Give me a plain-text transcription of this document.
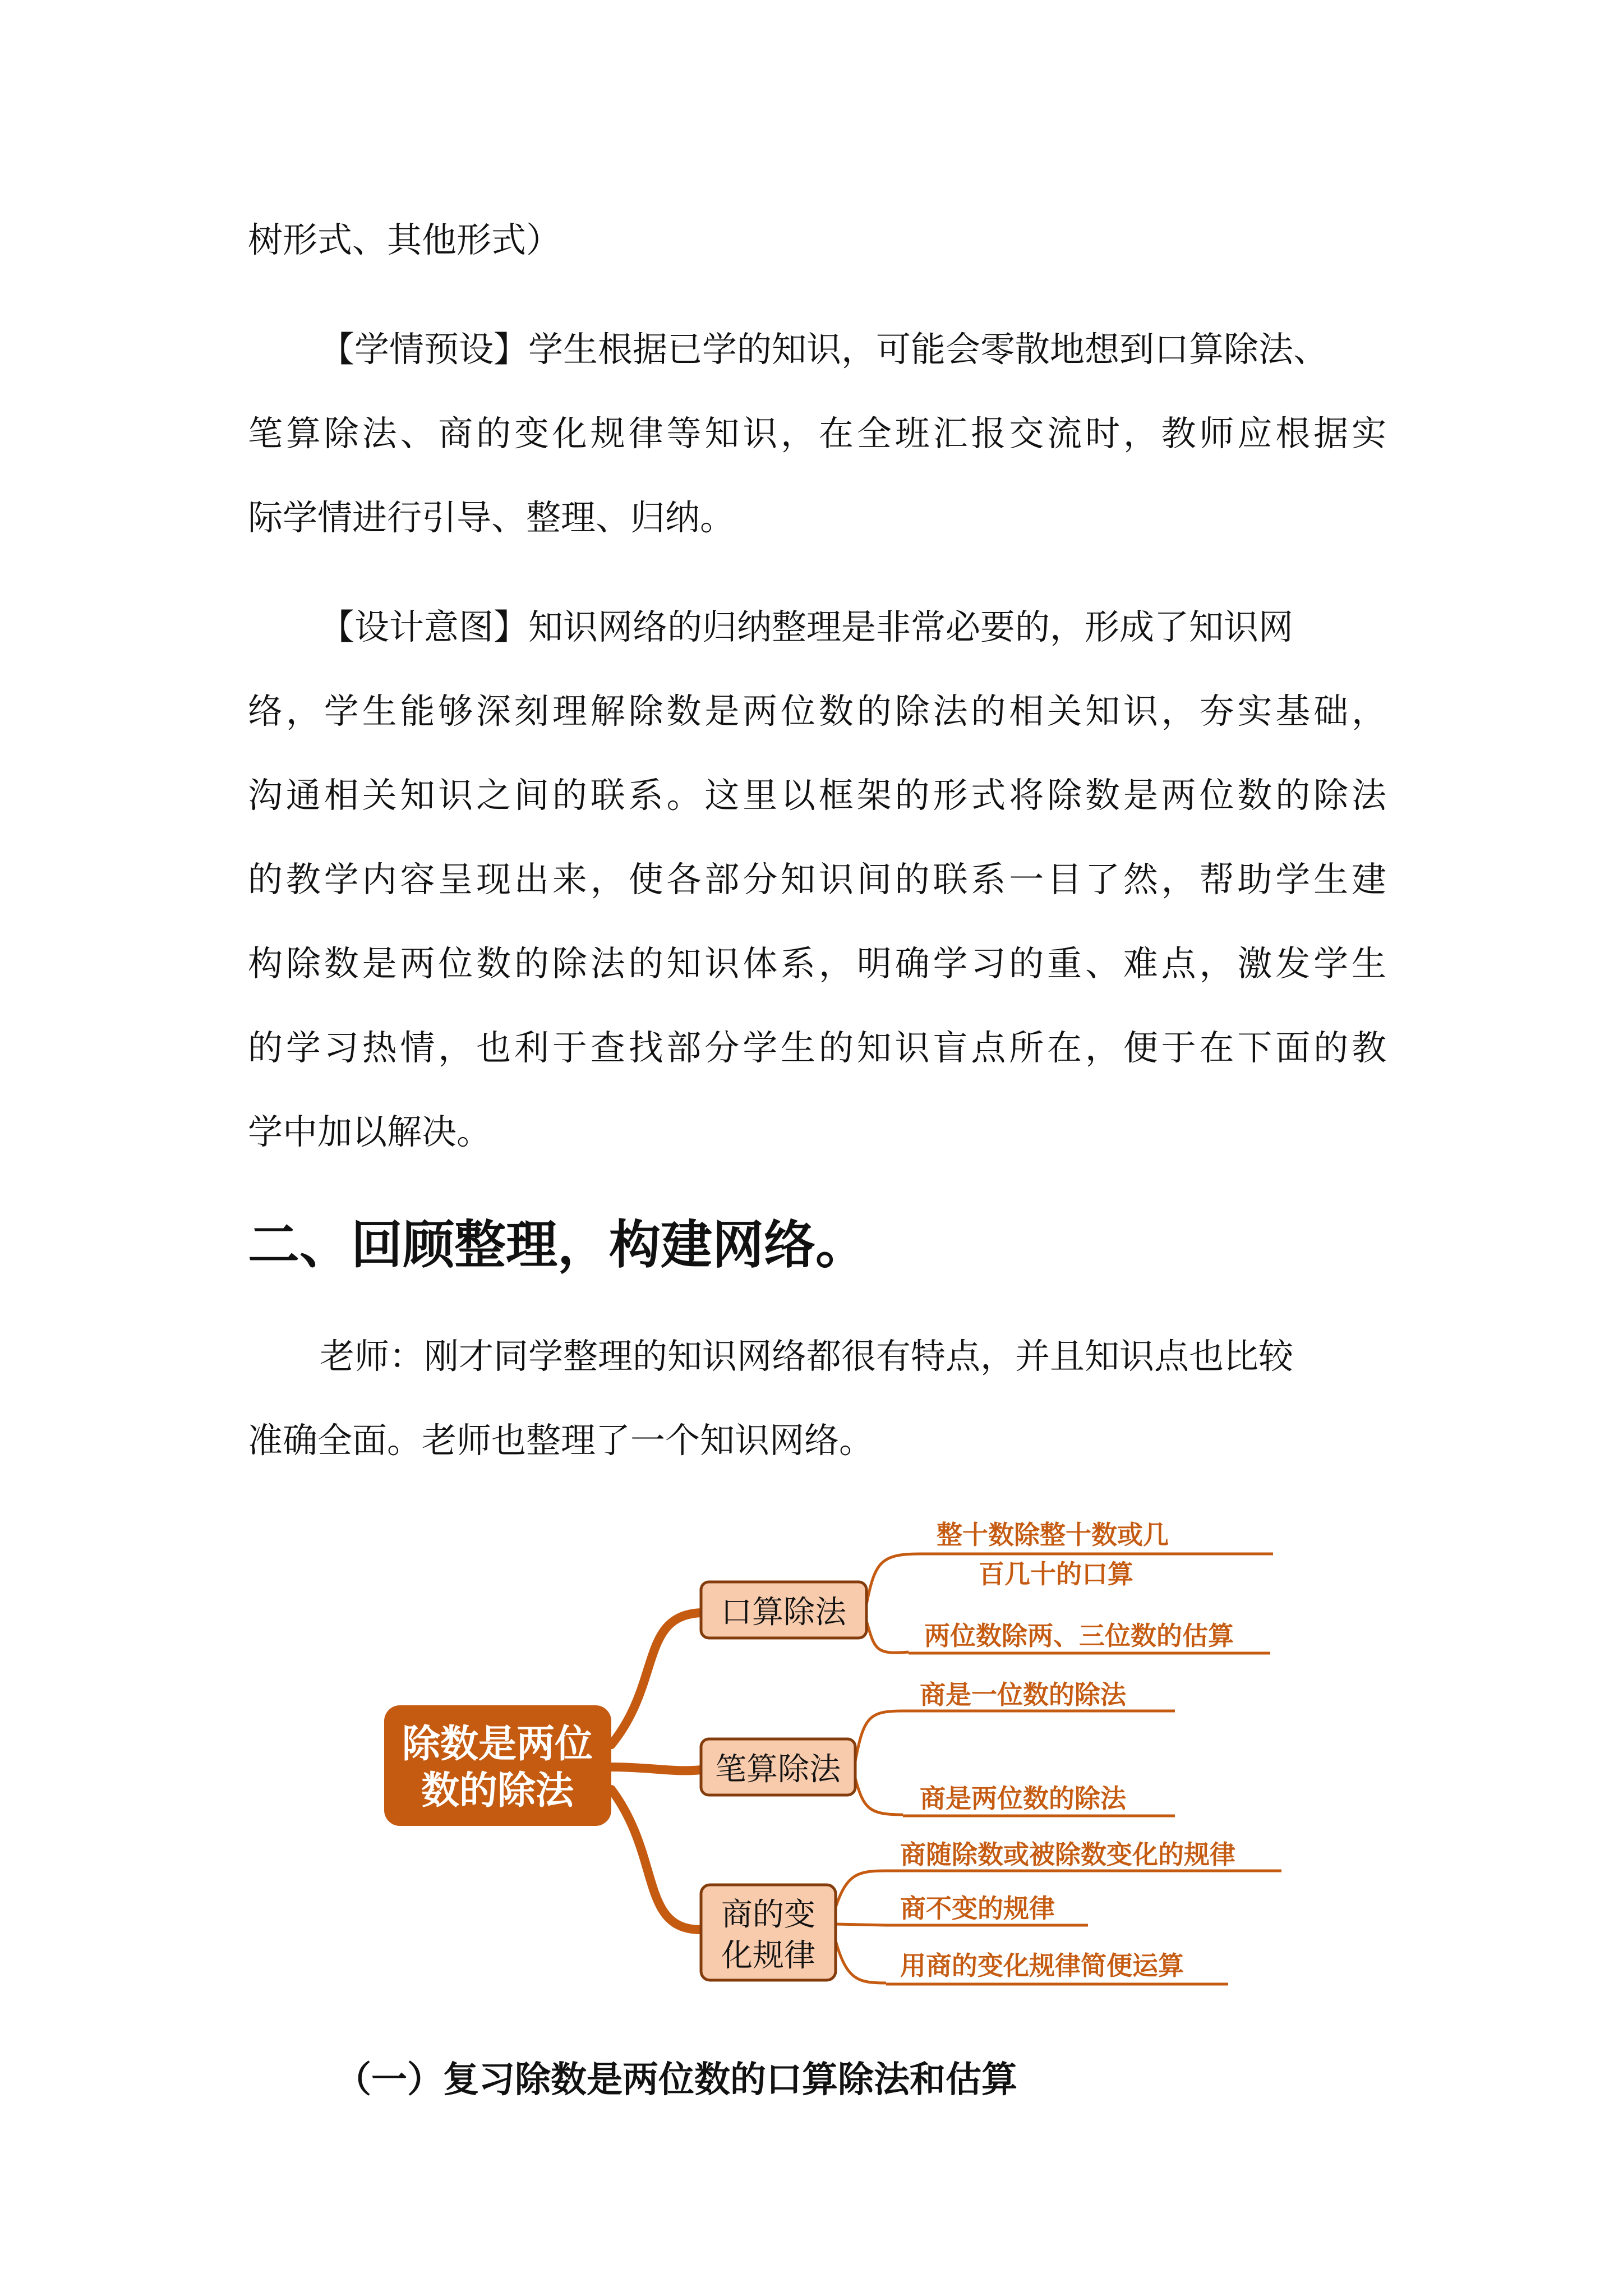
树形式、其他形式）
【学情预设】学生根据已学的知识，可能会零散地想到口算除法、
笔算除法、商的变化规律等知识，在全班汇报交流时，教师应根据实
际学情进行引导、整理、归纳。
【设计意图】知识网络的归纳整理是非常必要的，形成了知识网
络，学生能够深刻理解除数是两位数的除法的相关知识，夯实基础，
沟通相关知识之间的联系。这里以框架的形式将除数是两位数的除法
的教学内容呈现出来，使各部分知识间的联系一目了然，帮助学生建
构除数是两位数的除法的知识体系，明确学习的重、难点，激发学生
的学习热情，也利于查找部分学生的知识盲点所在，便于在下面的教
学中加以解决。
二、回顾整理，构建网络。
老师：刚才同学整理的知识网络都很有特点，并且知识点也比较
准确全面。老师也整理了一个知识网络。
除数是两位
数的除法
口算除法
整十数除整十数或几
百几十的口算
两位数除两、三位数的估算
笔算除法
商是一位数的除法
商是两位数的除法
商的变
化规律
商随除数或被除数变化的规律
商不变的规律
用商的变化规律简便运算
（一）复习除数是两位数的口算除法和估算
